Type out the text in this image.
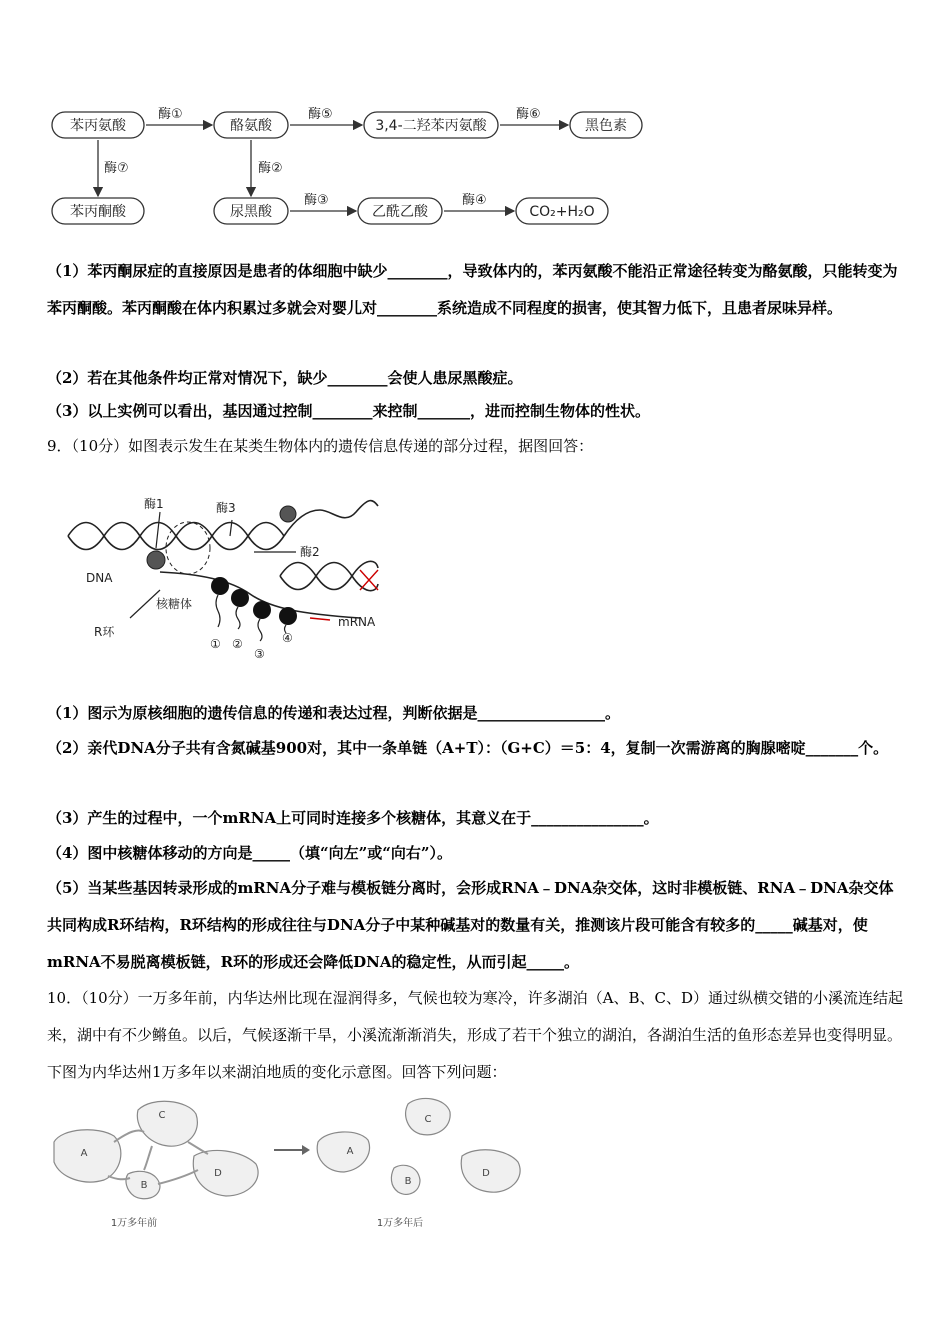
苯丙氨酸	酪氨酸	3,4-二羟苯丙氨酸	黑色素
苯丙酮酸	尿黑酸	乙酰乙酸	CO₂+H₂O
酶①	酶⑤	酶⑥
酶⑦	酶②
酶③	酶④
（1）苯丙酮尿症的直接原因是患者的体细胞中缺少________，导致体内的，苯丙氨酸不能沿正常途径转变为酪氨酸，只能转变为苯丙酮酸。苯丙酮酸在体内积累过多就会对婴儿对________系统造成不同程度的损害，使其智力低下，且患者尿味异样。
（2）若在其他条件均正常对情况下，缺少________会使人患尿黑酸症。
（3）以上实例可以看出，基因通过控制________来控制_______，进而控制生物体的性状。
9．（10分）如图表示发生在某类生物体内的遗传信息传递的部分过程，据图回答：
酶1	酶3
酶2
DNA
核糖体
R环
mRNA
① ②
③
④
（1）图示为原核细胞的遗传信息的传递和表达过程，判断依据是_________________。
（2）亲代DNA分子共有含氮碱基900对，其中一条单链（A+T）：（G+C）＝5：4，复制一次需游离的胸腺嘧啶_______个。
（3）产生的过程中，一个mRNA上可同时连接多个核糖体，其意义在于_______________。
（4）图中核糖体移动的方向是_____（填“向左”或“向右”）。
（5）当某些基因转录形成的mRNA分子难与模板链分离时，会形成RNA﹣DNA杂交体，这时非模板链、RNA﹣DNA杂交体共同构成R环结构，R环结构的形成往往与DNA分子中某种碱基对的数量有关，推测该片段可能含有较多的_____碱基对，使mRNA不易脱离模板链，R环的形成还会降低DNA的稳定性，从而引起_____。
10．（10分）一万多年前，内华达州比现在湿润得多，气候也较为寒冷，许多湖泊（A、B、C、D）通过纵横交错的小溪流连结起来，湖中有不少鳉鱼。以后，气候逐渐干旱，小溪流渐渐消失，形成了若干个独立的湖泊，各湖泊生活的鱼形态差异也变得明显。下图为内华达州1万多年以来湖泊地质的变化示意图。回答下列问题：
A
C
B
D
A
C
B
D
1万多年前	1万多年后
